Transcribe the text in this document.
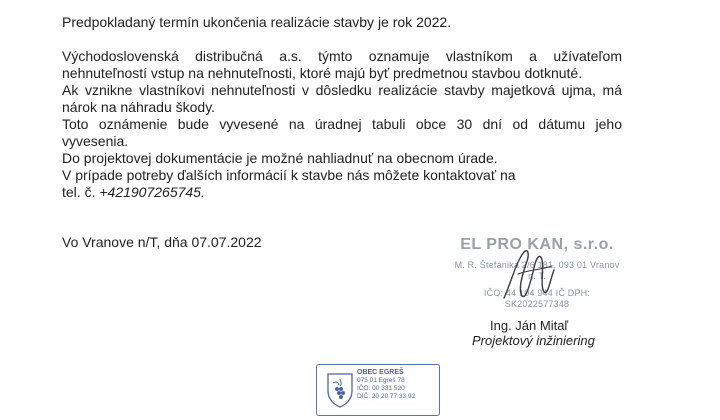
Predpokladaný termín ukončenia realizácie stavby je rok 2022.
Východoslovenská distribučná a.s. týmto oznamuje vlastníkom a užívateľom
nehnuteľností vstup na nehnuteľnosti, ktoré majú byť predmetnou stavbou dotknuté.
Ak vznikne vlastníkovi nehnuteľnosti v dôsledku realizácie stavby majetková ujma, má
nárok na náhradu škody.
Toto oznámenie bude vyvesené na úradnej tabuli obce 30 dní od dátumu jeho
vyvesenia.
Do projektovej dokumentácie je možné nahliadnuť na obecnom úrade.
V prípade potreby ďalších informácií k stavbe nás môžete kontaktovať na
tel. č. +421907265745.
Vo Vranove n/T, dňa 07.07.2022	EL PRO KAN, s.r.o.
M. R. Štefánika 2/6 181, 093 01 Vranov n. T.
IČO: 44 104 944 IČ DPH: SK2022577348
Ing. Ján Mitaľ
Projektový inžiniering
OBEC EGREŠ
075 01 Egreš 78
IČO: 00 331 520
DIČ: 20 20 77 33 92
